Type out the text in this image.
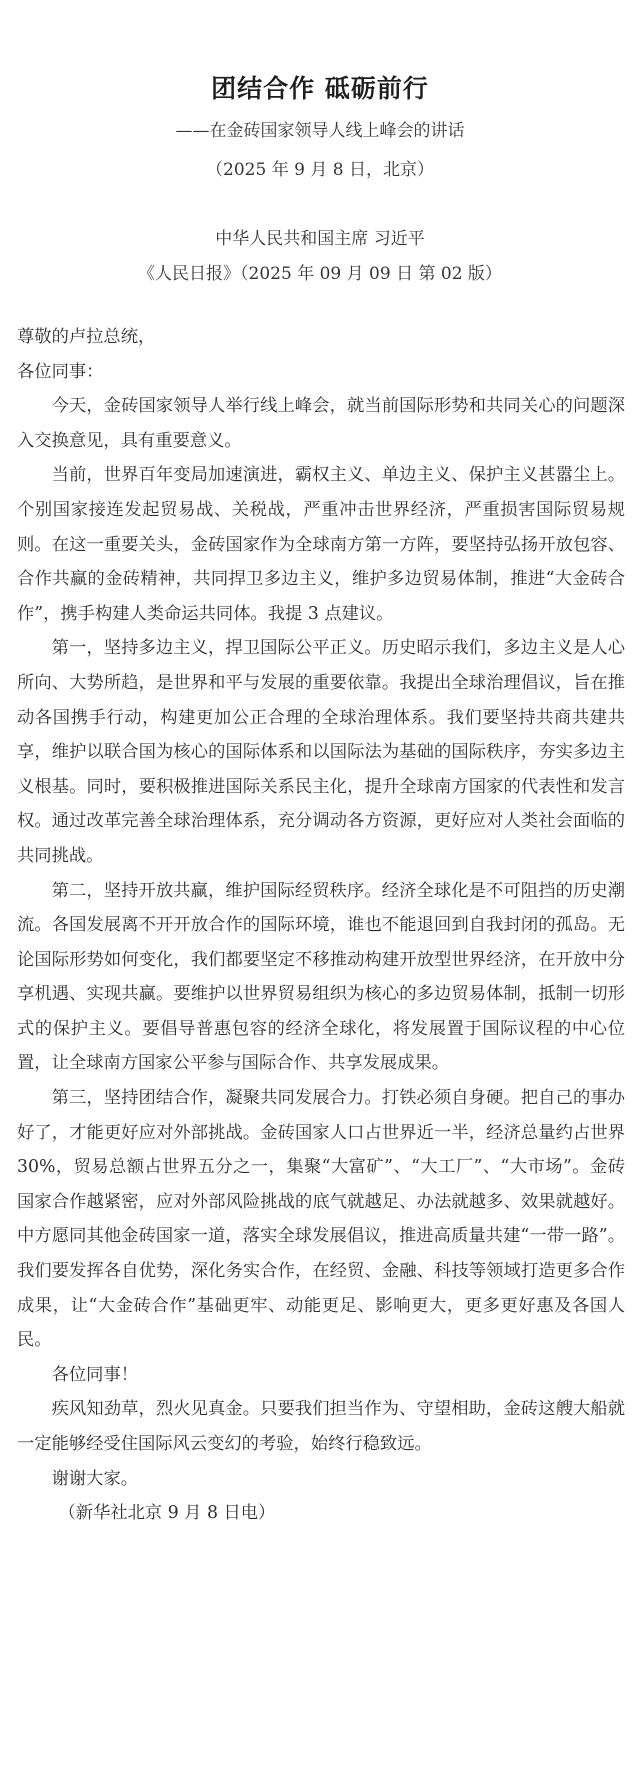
团结合作 砥砺前行
——在金砖国家领导人线上峰会的讲话
（2025 年 9 月 8 日，北京）
中华人民共和国主席 习近平
《人民日报》（2025 年 09 月 09 日 第 02 版）

尊敬的卢拉总统，

各位同事：

今天，金砖国家领导人举行线上峰会，就当前国际形势和共同关心的问题深入交换意见，具有重要意义。

当前，世界百年变局加速演进，霸权主义、单边主义、保护主义甚嚣尘上。个别国家接连发起贸易战、关税战，严重冲击世界经济，严重损害国际贸易规则。在这一重要关头，金砖国家作为全球南方第一方阵，要坚持弘扬开放包容、合作共赢的金砖精神，共同捍卫多边主义，维护多边贸易体制，推进“大金砖合作”，携手构建人类命运共同体。我提 3 点建议。

第一，坚持多边主义，捍卫国际公平正义。历史昭示我们，多边主义是人心所向、大势所趋，是世界和平与发展的重要依靠。我提出全球治理倡议，旨在推动各国携手行动，构建更加公正合理的全球治理体系。我们要坚持共商共建共享，维护以联合国为核心的国际体系和以国际法为基础的国际秩序，夯实多边主义根基。同时，要积极推进国际关系民主化，提升全球南方国家的代表性和发言权。通过改革完善全球治理体系，充分调动各方资源，更好应对人类社会面临的共同挑战。

第二，坚持开放共赢，维护国际经贸秩序。经济全球化是不可阻挡的历史潮流。各国发展离不开开放合作的国际环境，谁也不能退回到自我封闭的孤岛。无论国际形势如何变化，我们都要坚定不移推动构建开放型世界经济，在开放中分享机遇、实现共赢。要维护以世界贸易组织为核心的多边贸易体制，抵制一切形式的保护主义。要倡导普惠包容的经济全球化，将发展置于国际议程的中心位置，让全球南方国家公平参与国际合作、共享发展成果。

第三，坚持团结合作，凝聚共同发展合力。打铁必须自身硬。把自己的事办好了，才能更好应对外部挑战。金砖国家人口占世界近一半，经济总量约占世界 30%，贸易总额占世界五分之一，集聚“大富矿”、“大工厂”、“大市场”。金砖国家合作越紧密，应对外部风险挑战的底气就越足、办法就越多、效果就越好。中方愿同其他金砖国家一道，落实全球发展倡议，推进高质量共建“一带一路”。我们要发挥各自优势，深化务实合作，在经贸、金融、科技等领域打造更多合作成果，让“大金砖合作”基础更牢、动能更足、影响更大，更多更好惠及各国人民。

各位同事！

疾风知劲草，烈火见真金。只要我们担当作为、守望相助，金砖这艘大船就一定能够经受住国际风云变幻的考验，始终行稳致远。

谢谢大家。

（新华社北京 9 月 8 日电）
